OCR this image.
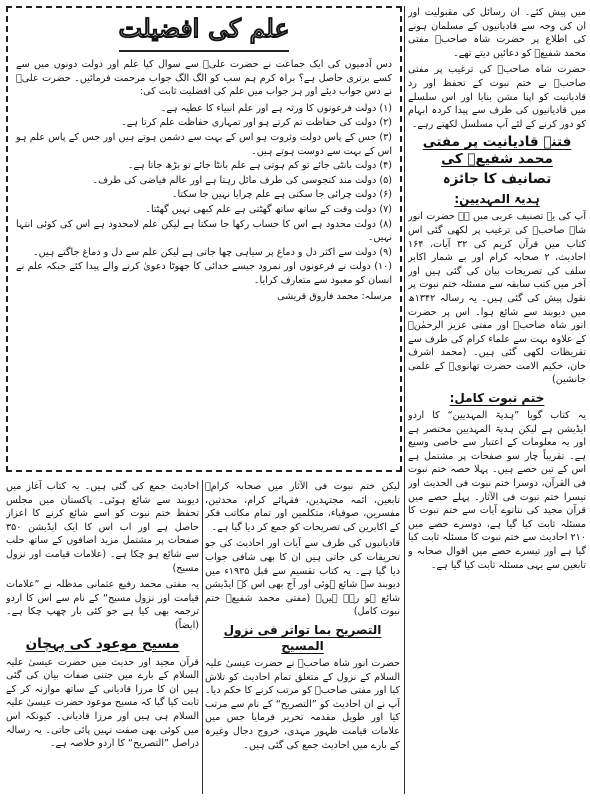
میں پیش کئے۔ ان رسائل کی مقبولیت اور ان کی وجہ سے قادیانیوں کے مسلمان ہونے کی اطلاع پر حضرت شاہ صاحبؒ مفتی محمد شفیعؒ کو دعائیں دیتے تھے۔

حضرت شاہ صاحبؒ کی ترغیب پر مفتی صاحبؒ نے ختم نبوت کے تحفظ اور رد قادیانیت کو اپنا مشن بنایا اور اس سلسلے میں قادیانیوں کی طرف سے پیدا کردہ ابہام کو دور کرنے کے لئے آپ مسلسل لکھتے رہے۔

فتنۂ قادیانیت پر مفتی محمد شفیعؒ کی
تصانیف کا جائزہ
ہدیۃ المہدیین:

آپ کی یہ تصنیف عربی میں ہے حضرت انور شاہ صاحبؒ کی ترغیب پر لکھی گئی اس کتاب میں قرآن کریم کی ۳۲ آیات، ۱۶۴ احادیث، ۲ صحابہ کرام اور بے شمار اکابر سلف کی تصریحات بیان کی گئی ہیں اور آخر میں کتب سابقہ سے مسئلہ ختم نبوت پر نقول پیش کی گئی ہیں۔ یہ رسالہ ۱۳۴۲ھ میں دیوبند سے شائع ہوا۔ اس پر حضرت انور شاہ صاحبؒ اور مفتی عزیز الرحمٰنؒ کے علاوہ بہت سے علماء کرام کی طرف سے تقریظات لکھی گئی ہیں۔ (محمد اشرف خان، حکیم الامت حضرت تھانویؒ کے علمی جانشین)

ختم نبوت کامل:

یہ کتاب گویا ”ہدیۃ المہدیین“ کا اردو ایڈیشن ہے لیکن ہدیۃ المہدیین مختصر ہے اور یہ معلومات کے اعتبار سے خاصی وسیع ہے۔ تقریباً چار سو صفحات پر مشتمل ہے اس کے تین حصے ہیں۔ پہلا حصہ ختم نبوت فی القرآن، دوسرا ختم نبوت فی الحدیث اور تیسرا ختم نبوت فی الآثار۔ پہلے حصے میں قرآن مجید کی ننانوے آیات سے ختم نبوت کا مسئلہ ثابت کیا گیا ہے، دوسرے حصے میں ۲۱۰ احادیث سے ختم نبوت کا مسئلہ ثابت کیا گیا ہے اور تیسرے حصے میں اقوال صحابہ و تابعین سے یہی مسئلہ ثابت کیا گیا ہے۔

علم کی افضیلت

دس آدمیوں کی ایک جماعت نے حضرت علیؓ سے سوال کیا علم اور دولت دونوں میں سے کسے برتری حاصل ہے؟ براہ کرم ہم سب کو الگ الگ جواب مرحمت فرمائیں۔ حضرت علیؓ نے دس جواب دیئے اور ہر جواب میں علم کی افضلیت ثابت کی:

(۱) دولت فرعونوں کا ورثہ ہے اور علم انبیاء کا عطیہ ہے۔

(۲) دولت کی حفاظت تم کرتے ہو اور تمہاری حفاظت علم کرتا ہے۔

(۳) جس کے پاس دولت وثروت ہو اس کے بہت سے دشمن ہوتے ہیں اور جس کے پاس علم ہو اس کے بہت سے دوست ہوتے ہیں۔

(۴) دولت بانٹی جائے تو کم ہوتی ہے علم بانٹا جائے تو بڑھ جاتا ہے۔

(۵) دولت مند کنجوسی کی طرف مائل رہتا ہے اور عالم فیاضی کی طرف۔

(۶) دولت چرائی جا سکتی ہے علم چرایا نہیں جا سکتا۔

(۷) دولت وقت کے ساتھ ساتھ گھٹتی ہے علم کبھی نہیں گھٹتا۔

(۸) دولت محدود ہے اس کا حساب رکھا جا سکتا ہے لیکن علم لامحدود ہے اس کی کوئی انتہا نہیں۔

(۹) دولت سے اکثر دل و دماغ پر سیاہی چھا جاتی ہے لیکن علم سے دل و دماغ جاگتے ہیں۔

(۱۰) دولت نے فرعونوں اور نمرود جیسے خدائی کا جھوٹا دعویٰ کرنے والے پیدا کئے جبکہ علم نے انسان کو معبود سے متعارف کرایا۔

مرسلہ: محمد فاروق قریشی

لیکن ختم نبوت فی الآثار میں صحابہ کرامؓ تابعین، ائمہ مجتہدین، فقہائے کرام، محدثین، مفسرین، صوفیاء، متکلمین اور تمام مکاتب فکر کے اکابرین کی تصریحات کو جمع کر دیا گیا ہے۔

قادیانیوں کی طرف سے آیات اور احادیث کی جو تحریفات کی جاتی ہیں ان کا بھی شافی جواب دیا گیا ہے۔ یہ کتاب تقسیم سے قبل ۱۹۳۵ء میں دیوبند سے شائع ہوئی اور آج بھی اس کے ایڈیشن شائع ہو رہے ہیں۔ (مفتی محمد شفیعؒ ختم نبوت کامل)

التصریح بما تواتر فی نزول المسیح

حضرت انور شاہ صاحبؒ نے حضرت عیسیٰ علیہ السلام کے نزول کے متعلق تمام احادیث کو تلاش کیا اور مفتی صاحبؒ کو مرتب کرنے کا حکم دیا۔ آپ نے ان احادیث کو ”التصریح“ کے نام سے مرتب کیا اور طویل مقدمہ تحریر فرمایا جس میں علامات قیامت ظہور مہدی، خروج دجال وغیرہ کے بارے میں احادیث جمع کی گئی ہیں۔

احادیث جمع کی گئی ہیں۔ یہ کتاب آغاز میں دیوبند سے شائع ہوئی۔ پاکستان میں مجلس تحفظ ختم نبوت کو اسے شائع کرنے کا اعزاز حاصل ہے اور اب اس کا ایک ایڈیشن ۳۵۰ صفحات پر مشتمل مزید اضافوں کے ساتھ حلب سے شائع ہو چکا ہے۔ (علامات قیامت اور نزول مسیح)

یہ مفتی محمد رفیع عثمانی مدظلہ نے ”علامات قیامت اور نزول مسیح“ کے نام سے اس کا اردو ترجمہ بھی کیا ہے جو کئی بار چھپ چکا ہے۔ (ایضاً)

مسیح موعود کی پہچان

قرآن مجید اور حدیث میں حضرت عیسیٰ علیہ السلام کے بارے میں جتنی صفات بیان کی گئی ہیں ان کا مرزا قادیانی کے ساتھ موازنہ کر کے ثابت کیا گیا کہ مسیح موعود حضرت عیسیٰ علیہ السلام ہی ہیں اور مرزا قادیانی۔ کیونکہ اس میں کوئی بھی صفت نہیں پائی جاتی۔ یہ رسالہ دراصل ”التصریح“ کا اردو خلاصہ ہے۔
